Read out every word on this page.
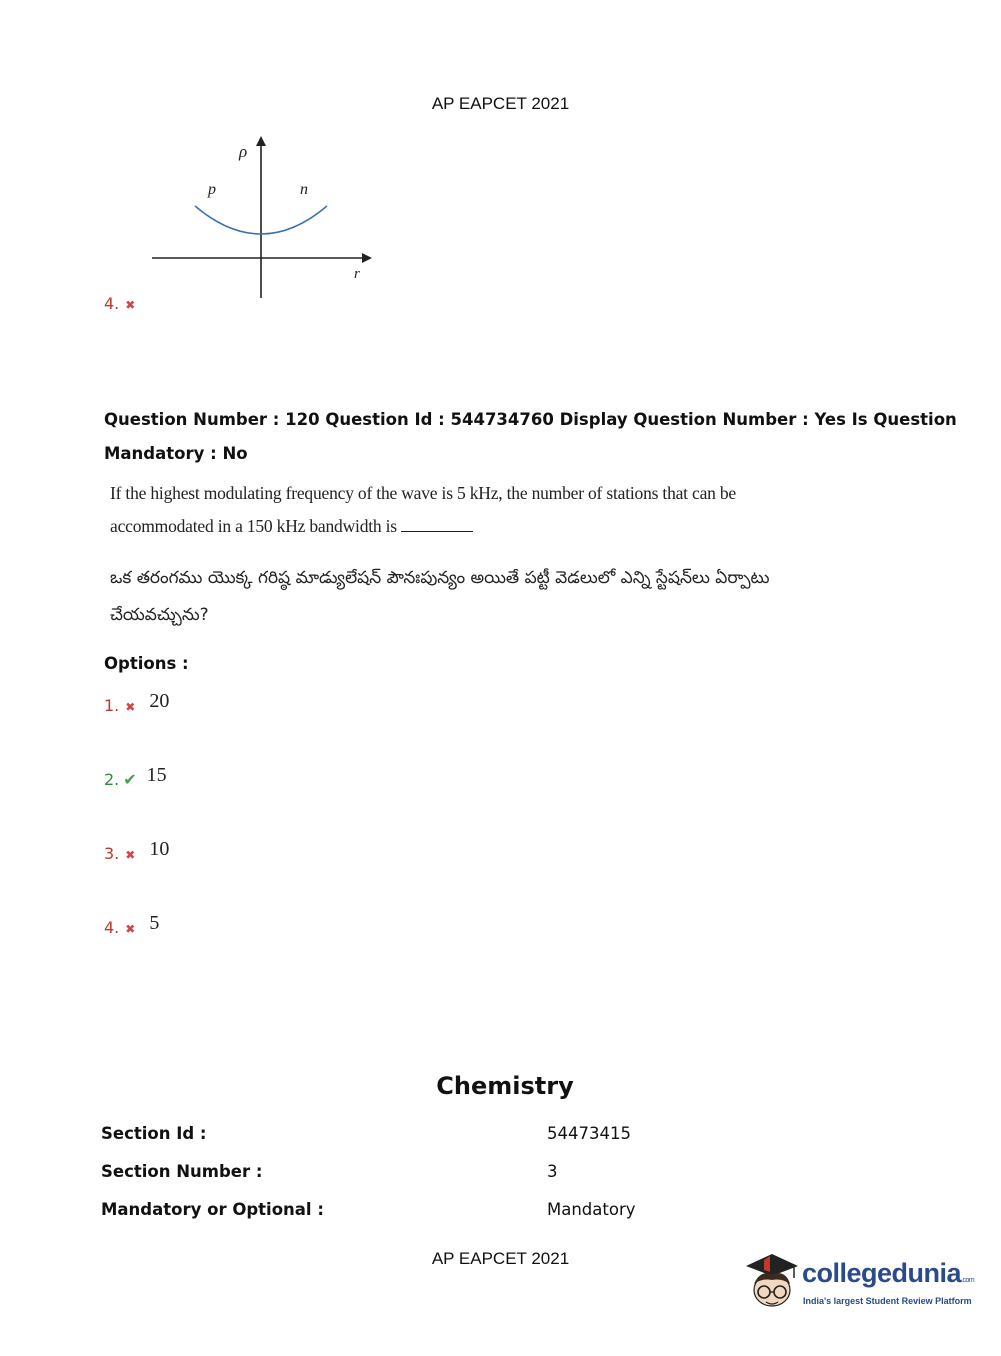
AP EAPCET 2021
ρ
p	n
r
4. ✖
Question Number : 120 Question Id : 544734760 Display Question Number : Yes Is Question
Mandatory : No
If the highest modulating frequency of the wave is 5 kHz, the number of stations that can be
accommodated in a 150 kHz bandwidth is
ఒక తరంగము యొక్క గరిష్ఠ మాడ్యులేషన్ పౌనఃపున్యం అయితే పట్టీ వెడలులో ఎన్ని స్టేషన్‌లు ఏర్పాటు
చేయవచ్చును?
Options :
1. ✖ 20
2. ✔ 15
3. ✖ 10
4. ✖ 5
Chemistry
Section Id :	54473415
Section Number :	3
Mandatory or Optional :	Mandatory
AP EAPCET 2021	collegedunia.com
India's largest Student Review Platform
